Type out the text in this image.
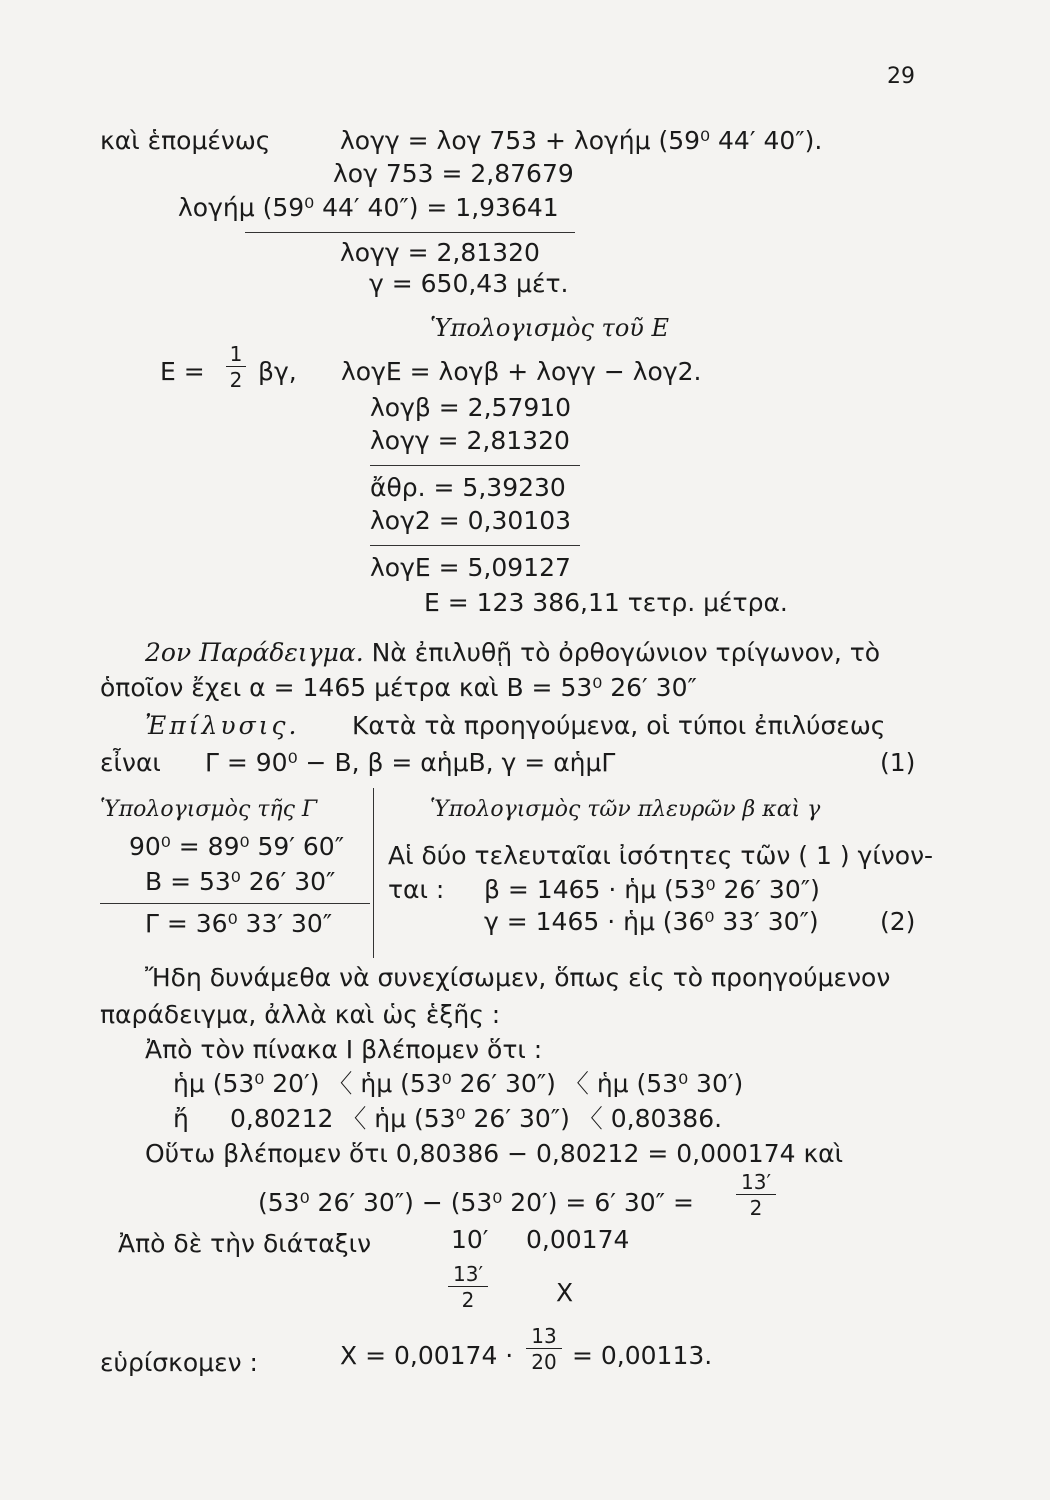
29
καὶ ἑπομένως	λογγ = λογ 753 + λογήμ (59⁰ 44′ 40″).
λογ 753 = 2,87679
λογήμ (59⁰ 44′ 40″) = 1,93641
λογγ = 2,81320
γ = 650,43 μέτ.
Ὑπολογισμὸς τοῦ Ε
$E = \frac{1}{2} \beta\gamma$, λογΕ = λογβ + λογγ − λογ2.
λογβ = 2,57910
λογγ = 2,81320
ἄθρ. = 5,39230
λογ2 = 0,30103
λογΕ = 5,09127
Ε = 123 386,11 τετρ. μέτρα.
2ον Παράδειγμα. Νὰ ἐπιλυθῇ τὸ ὀρθογώνιον τρίγωνον, τὸ
ὁποῖον ἔχει α = 1465 μέτρα καὶ Β = 53⁰ 26′ 30″
Ἐπίλυσις. Κατὰ τὰ προηγούμενα, οἱ τύποι ἐπιλύσεως
εἶναι Γ = 90⁰ − Β, β = αἡμΒ, γ = αἡμΓ	(1)
Ὑπολογισμὸς τῆς Γ	Ὑπολογισμὸς τῶν πλευρῶν β καὶ γ
90⁰ = 89⁰ 59′ 60″
Β = 53⁰ 26′ 30″
Γ = 36⁰ 33′ 30″
Αἱ δύο τελευταῖαι ἰσότητες τῶν ( 1 ) γίνον-
ται : β = 1465 · ἡμ (53⁰ 26′ 30″)
γ = 1465 · ἡμ (36⁰ 33′ 30″) (2)
Ἤδη δυνάμεθα νὰ συνεχίσωμεν, ὅπως εἰς τὸ προηγούμενον
παράδειγμα, ἀλλὰ καὶ ὡς ἑξῆς :
Ἀπὸ τὸν πίνακα Ι βλέπομεν ὅτι :
ἡμ (53⁰ 20′) 〈 ἡμ (53⁰ 26′ 30″) 〈 ἡμ (53⁰ 30′)
ἤ 0,80212 〈 ἡμ (53⁰ 26′ 30″) 〈 0,80386.
Οὕτω βλέπομεν ὅτι 0,80386 − 0,80212 = 0,000174 καὶ
(53⁰ 26′ 30″) − (53⁰ 20′) = 6′ $30'' = \frac{13'}{2}$
Ἀπὸ δὲ τὴν διάταξιν	10′ 0,00174
$\frac{13'}{2}$	Χ
εὑρίσκομεν :	$X = 0,00174 \cdot \frac{13}{20} = 0,00113$.
